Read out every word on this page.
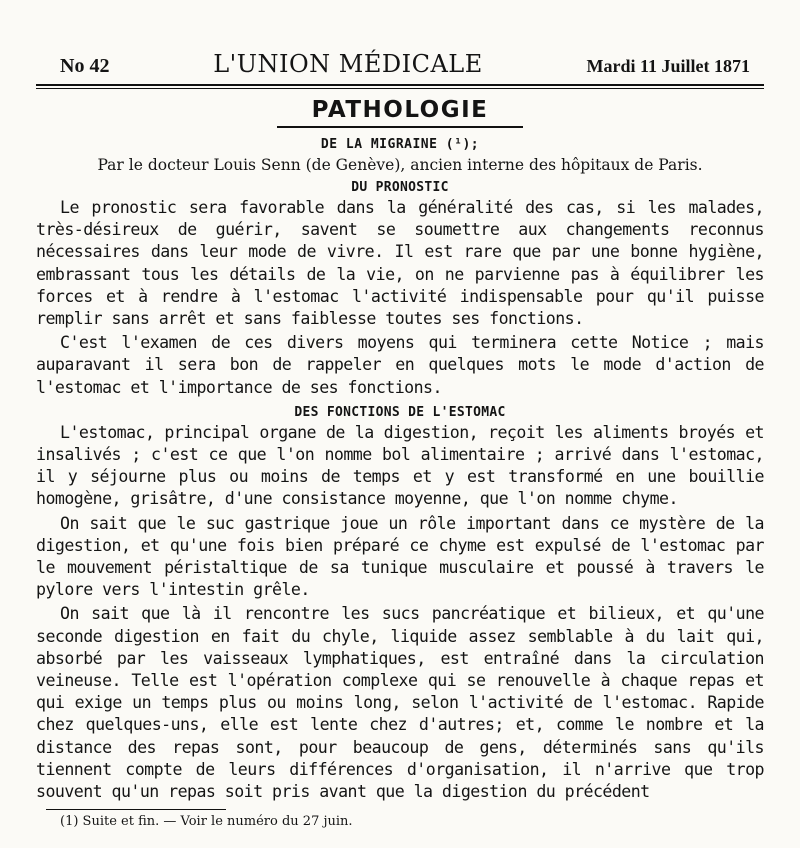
No 42	L'UNION MÉDICALE	Mardi 11 Juillet 1871
PATHOLOGIE
DE LA MIGRAINE (¹);
Par le docteur Louis Senn (de Genève), ancien interne des hôpitaux de Paris.
DU PRONOSTIC

Le pronostic sera favorable dans la généralité des cas, si les malades, très-désireux de guérir, savent se soumettre aux changements reconnus nécessaires dans leur mode de vivre. Il est rare que par une bonne hygiène, embrassant tous les détails de la vie, on ne parvienne pas à équilibrer les forces et à rendre à l'estomac l'activité indispensable pour qu'il puisse remplir sans arrêt et sans faiblesse toutes ses fonctions.

C'est l'examen de ces divers moyens qui terminera cette Notice ; mais auparavant il sera bon de rappeler en quelques mots le mode d'action de l'estomac et l'importance de ses fonctions.

DES FONCTIONS DE L'ESTOMAC

L'estomac, principal organe de la digestion, reçoit les aliments broyés et insalivés ; c'est ce que l'on nomme bol alimentaire ; arrivé dans l'estomac, il y séjourne plus ou moins de temps et y est transformé en une bouillie homogène, grisâtre, d'une consistance moyenne, que l'on nomme chyme.

On sait que le suc gastrique joue un rôle important dans ce mystère de la digestion, et qu'une fois bien préparé ce chyme est expulsé de l'estomac par le mouvement péristaltique de sa tunique musculaire et poussé à travers le pylore vers l'intestin grêle.

On sait que là il rencontre les sucs pancréatique et bilieux, et qu'une seconde digestion en fait du chyle, liquide assez semblable à du lait qui, absorbé par les vaisseaux lymphatiques, est entraîné dans la circulation veineuse. Telle est l'opération complexe qui se renouvelle à chaque repas et qui exige un temps plus ou moins long, selon l'activité de l'estomac. Rapide chez quelques-uns, elle est lente chez d'autres; et, comme le nombre et la distance des repas sont, pour beaucoup de gens, déterminés sans qu'ils tiennent compte de leurs différences d'organisation, il n'arrive que trop souvent qu'un repas soit pris avant que la digestion du précédent

(1) Suite et fin. — Voir le numéro du 27 juin.
